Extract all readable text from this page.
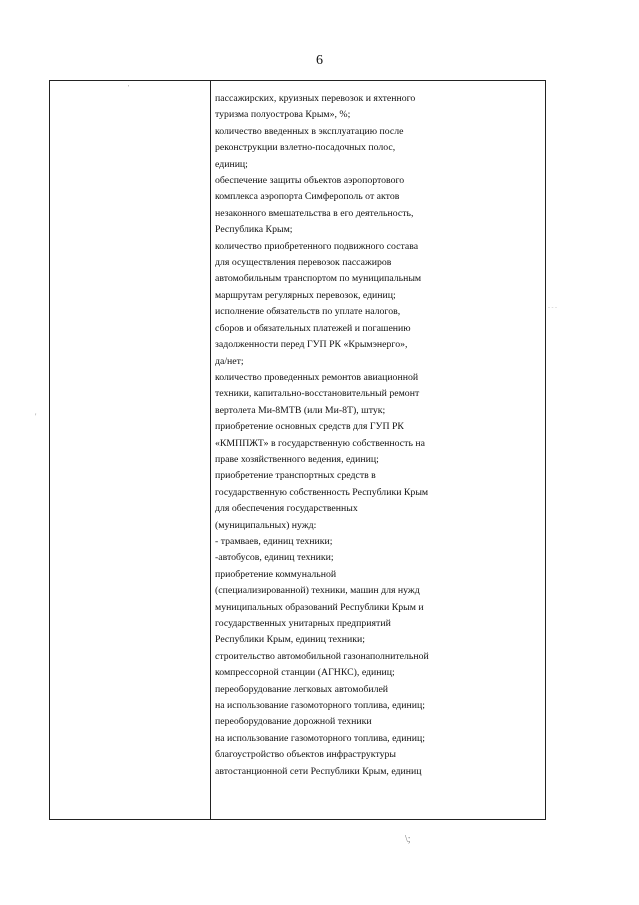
6
пассажирских, круизных перевозок и яхтенного
туризма полуострова Крым», %;
количество введенных в эксплуатацию после
реконструкции взлетно-посадочных полос,
единиц;
обеспечение защиты объектов аэропортового
комплекса аэропорта Симферополь от актов
незаконного вмешательства в его деятельность,
Республика Крым;
количество приобретенного подвижного состава
для осуществления перевозок пассажиров
автомобильным транспортом по муниципальным
маршрутам регулярных перевозок, единиц;
исполнение обязательств по уплате налогов,
сборов и обязательных платежей и погашению
задолженности перед ГУП РК «Крымэнерго»,
да/нет;
количество проведенных ремонтов авиационной
техники, капитально-восстановительный ремонт
вертолета Ми-8МТВ (или Ми-8Т), штук;
приобретение основных средств для ГУП РК
«КМППЖТ» в государственную собственность на
праве хозяйственного ведения, единиц;
приобретение транспортных средств в
государственную собственность Республики Крым
для обеспечения государственных
(муниципальных) нужд:
- трамваев, единиц техники;
-автобусов, единиц техники;
приобретение коммунальной
(специализированной) техники, машин для нужд
муниципальных образований Республики Крым и
государственных унитарных предприятий
Республики Крым, единиц техники;
строительство автомобильной газонаполнительной
компрессорной станции (АГНКС), единиц;
переоборудование легковых автомобилей
на использование газомоторного топлива, единиц;
переоборудование дорожной техники
на использование газомоторного топлива, единиц;
благоустройство объектов инфраструктуры
автостанционной сети Республики Крым, единиц
'
'
- - -
\;
